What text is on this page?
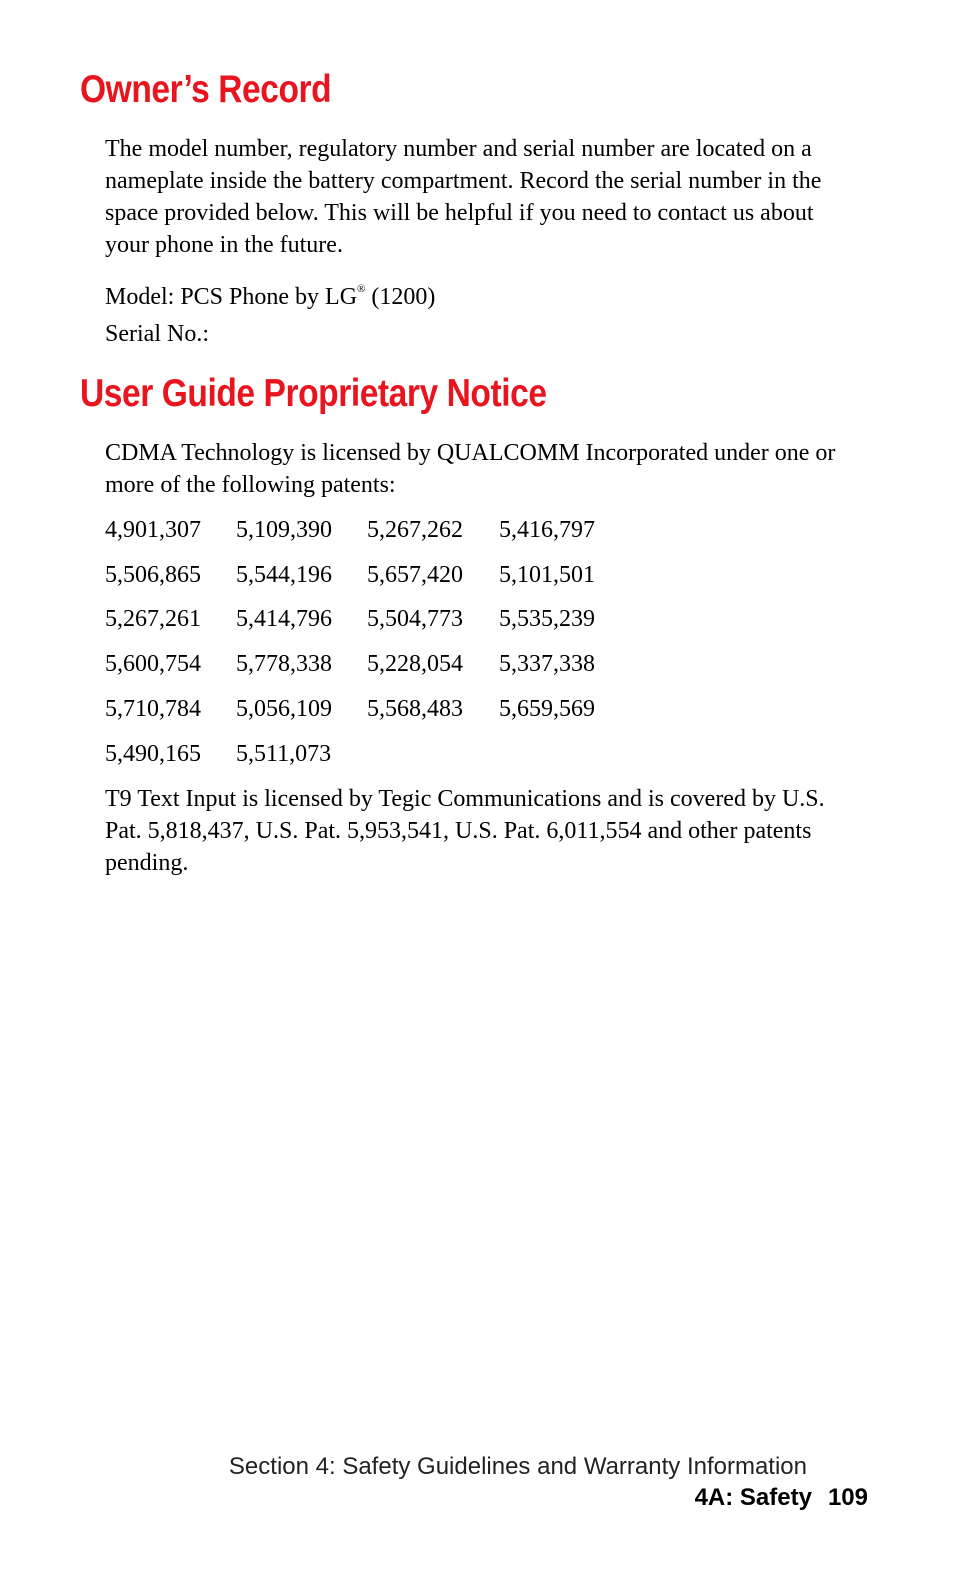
Owner’s Record

The model number, regulatory number and serial number are located on a nameplate inside the battery compartment. Record the serial number in the space provided below. This will be helpful if you need to contact us about your phone in the future.

Model: PCS Phone by LG® (1200)

Serial No.:

User Guide Proprietary Notice

CDMA Technology is licensed by QUALCOMM Incorporated under one or more of the following patents:

4,901,307 5,109,390 5,267,262 5,416,797
5,506,865 5,544,196 5,657,420 5,101,501
5,267,261 5,414,796 5,504,773 5,535,239
5,600,754 5,778,338 5,228,054 5,337,338
5,710,784 5,056,109 5,568,483 5,659,569
5,490,165 5,511,073

T9 Text Input is licensed by Tegic Communications and is covered by U.S. Pat. 5,818,437, U.S. Pat. 5,953,541, U.S. Pat. 6,011,554 and other patents pending.

Section 4: Safety Guidelines and Warranty Information

4A: Safety 109
